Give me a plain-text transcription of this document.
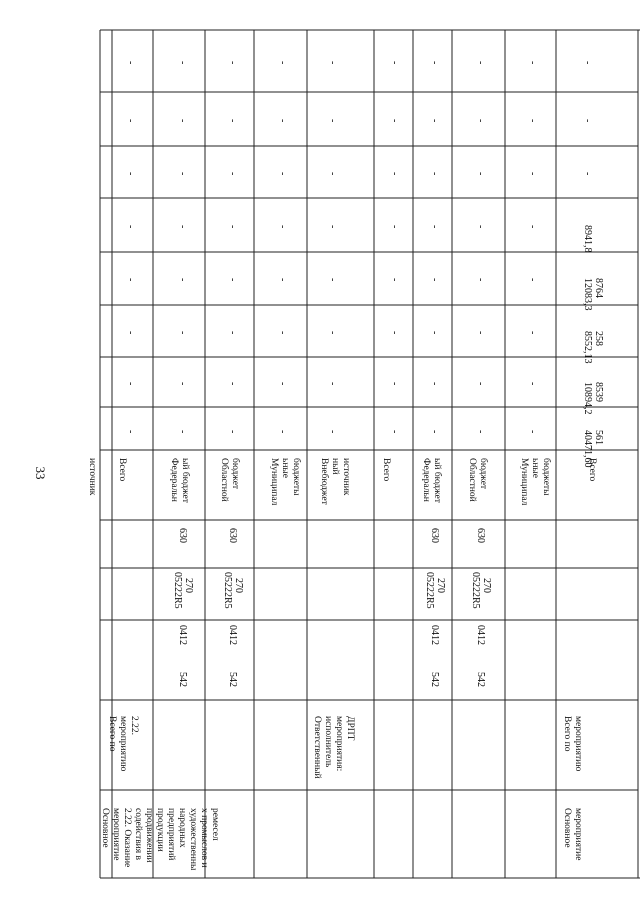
33	источник Всего
-
-
-
-
-
-
-
-
Федеральн ый бюджет
542
0412
05222R5 270
630
-
-
-
-
-
-
-
-
Областной бюджет
542
0412
05222R5 270
630
-
-
-
-
-
-
-
-
Муниципал ьные бюджеты
-
-
-
-
-
-
-
-
Внебюджет ный источник
-
-
-
-
-
-
-
-
Всего
-
-
-
-
-
-
-
-
Федеральн ый бюджет
542
0412
05222R5 270
630
-
-
-
-
-
-
-
-
Областной бюджет
542
0412
05222R5 270
630
-
-
-
-
-
-
-
-
Муниципал ьные бюджеты
-
-
-
-
-
-
-
-
Всего
-
-
-
8941,8
12083,3 8764
8552,13 258
10894,2 8539
40471,60 561
Основное мероприятие 2.22. Оказание содействия в продвижении продукции предприятий народных художественны х промыслов и ремесел
Всего по мероприятию 2.22.	Ответственный исполнитель мероприятия: ДРПТ
Основное мероприятие
Всего по мероприятию
